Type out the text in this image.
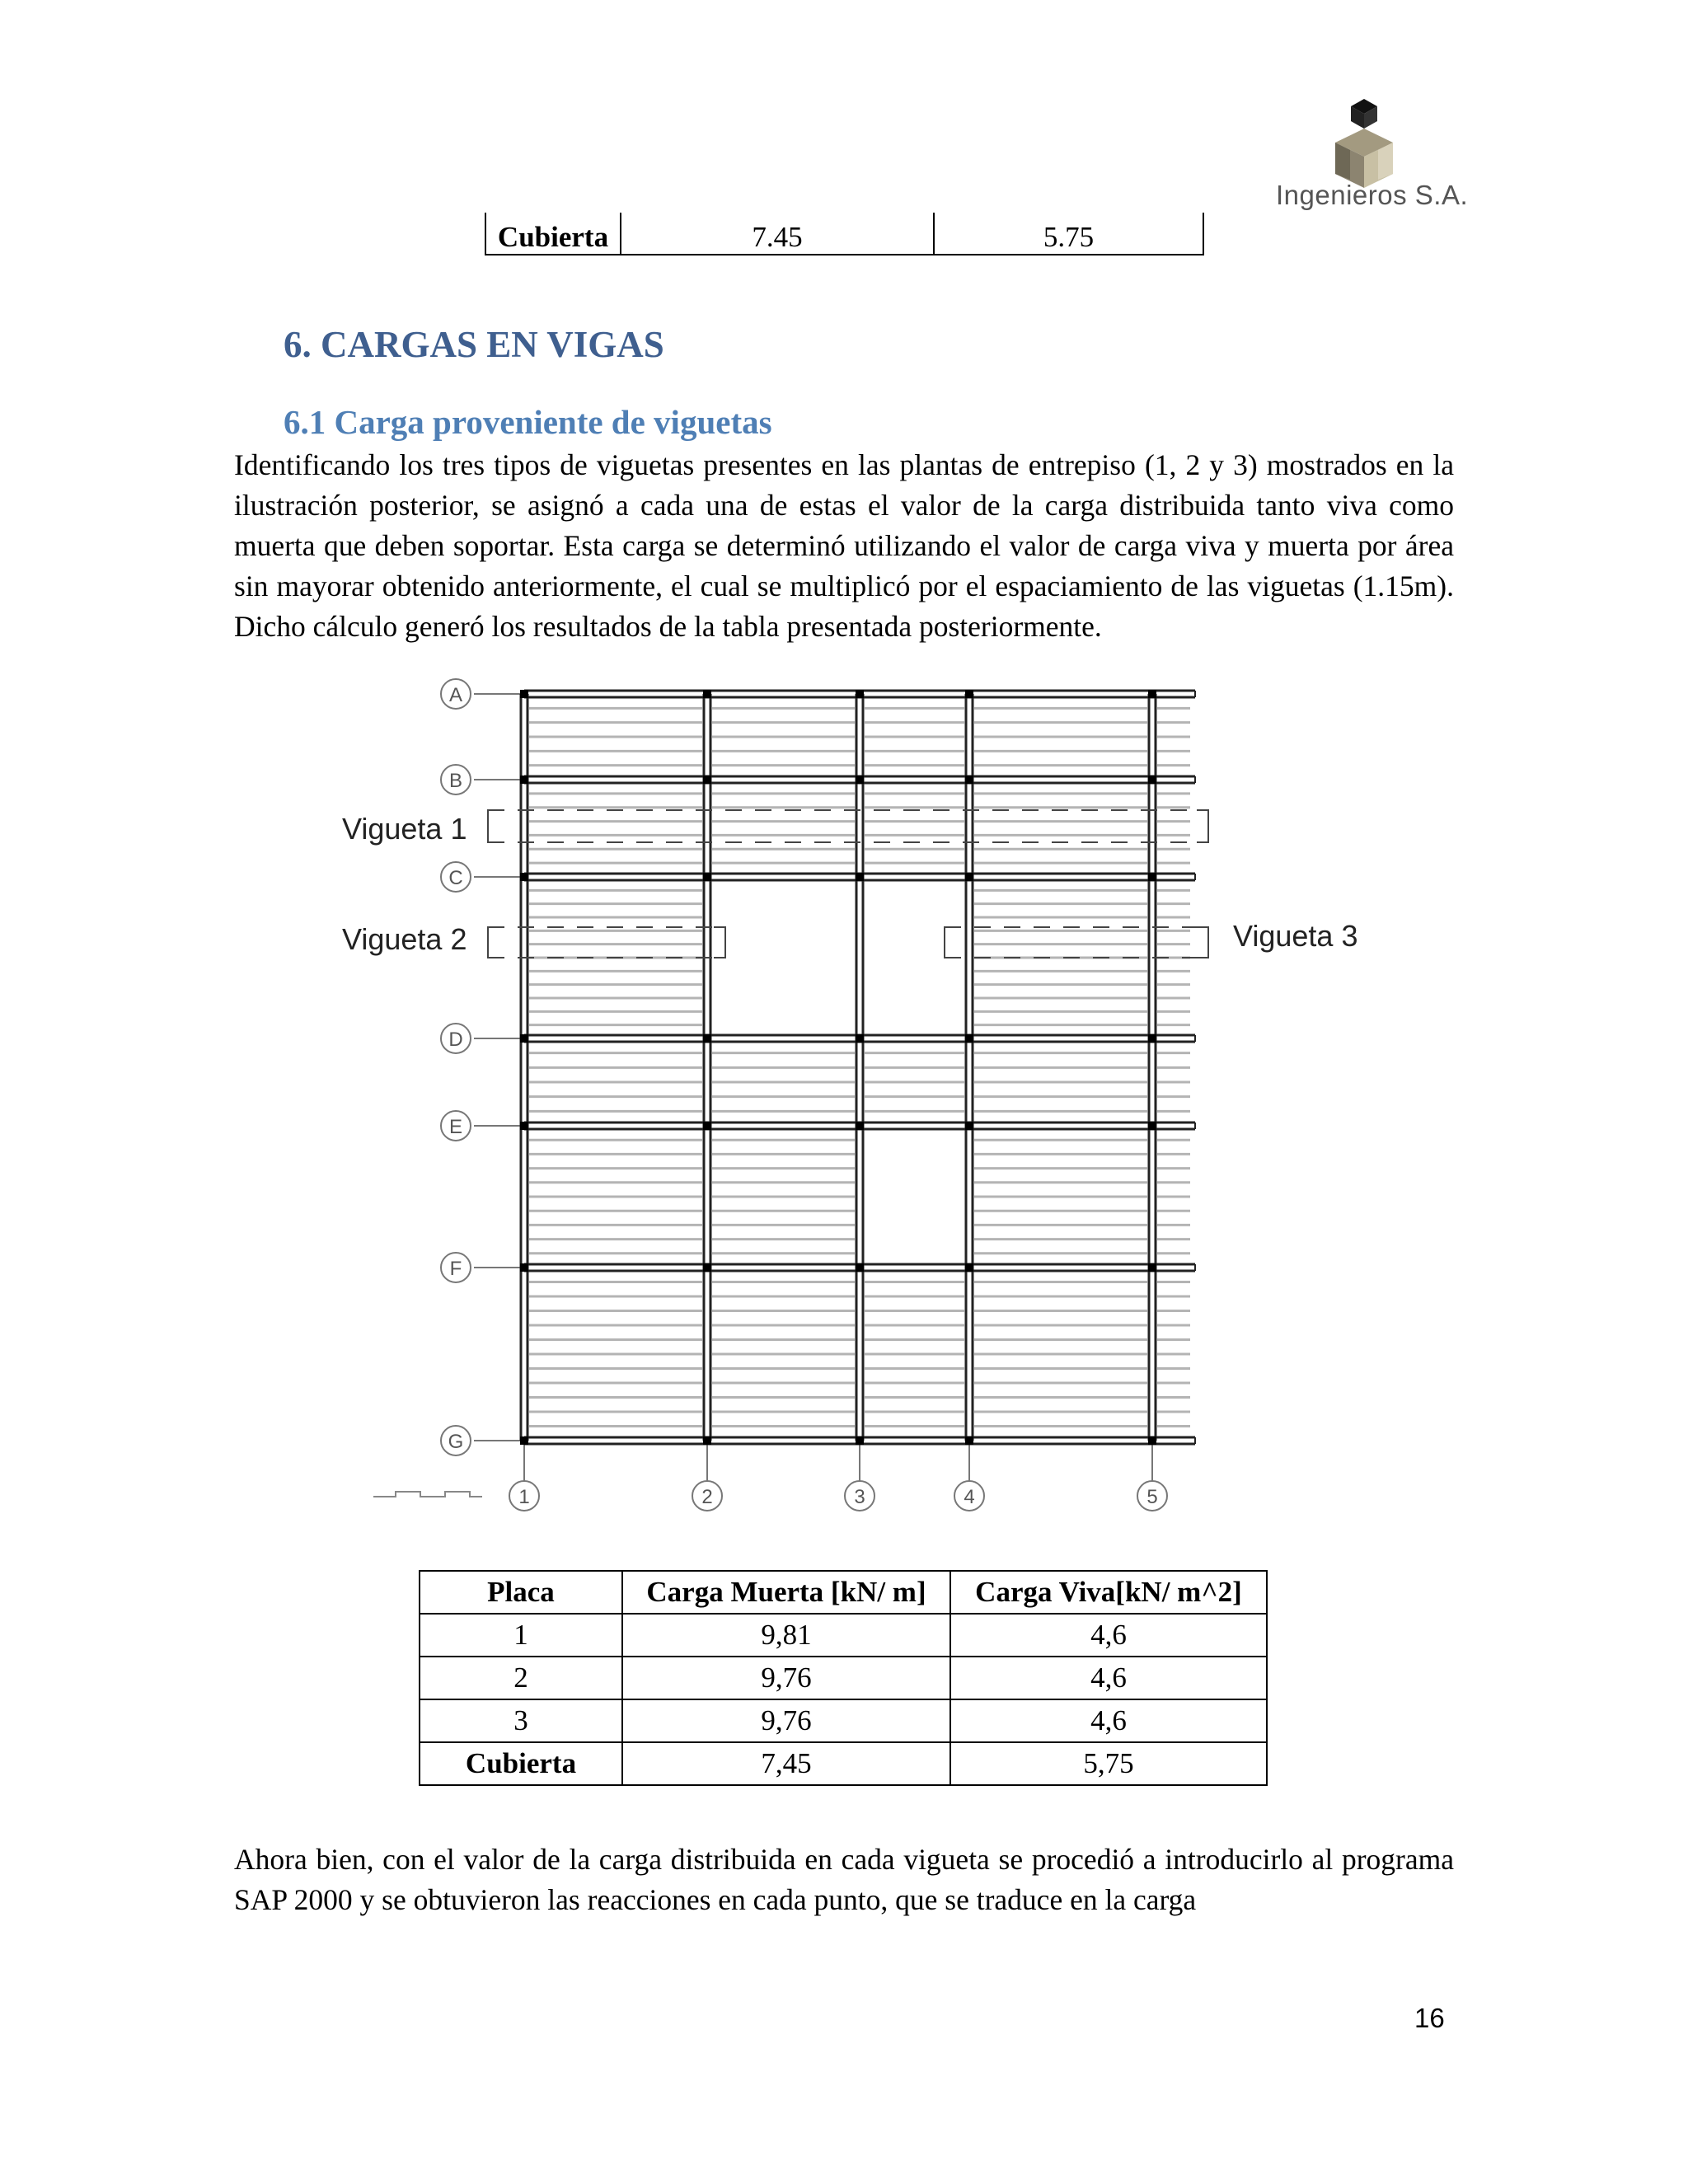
Ingenieros S.A.
Cubierta	7.45	5.75
6. CARGAS EN VIGAS
6.1 Carga proveniente de viguetas
Identificando los tres tipos de viguetas presentes en las plantas de entrepiso (1, 2 y 3) mostrados en la ilustración posterior, se asignó a cada una de estas el valor de la carga distribuida tanto viva como muerta que deben soportar. Esta carga se determinó utilizando el valor de carga viva y muerta por área sin mayorar obtenido anteriormente, el cual se multiplicó por el espaciamiento de las viguetas (1.15m). Dicho cálculo generó los resultados de la tabla presentada posteriormente.
A
B
C
D
E
F
G
1	2	3	4	5
Vigueta 1
Vigueta 2	Vigueta 3
Placa	Carga Muerta [kN/ m]	Carga Viva[kN/ m^2]
1	9,81	4,6
2	9,76	4,6
3	9,76	4,6
Cubierta	7,45	5,75
Ahora bien, con el valor de la carga distribuida en cada vigueta se procedió a introducirlo al programa SAP 2000 y se obtuvieron las reacciones en cada punto, que se traduce en la carga
16
